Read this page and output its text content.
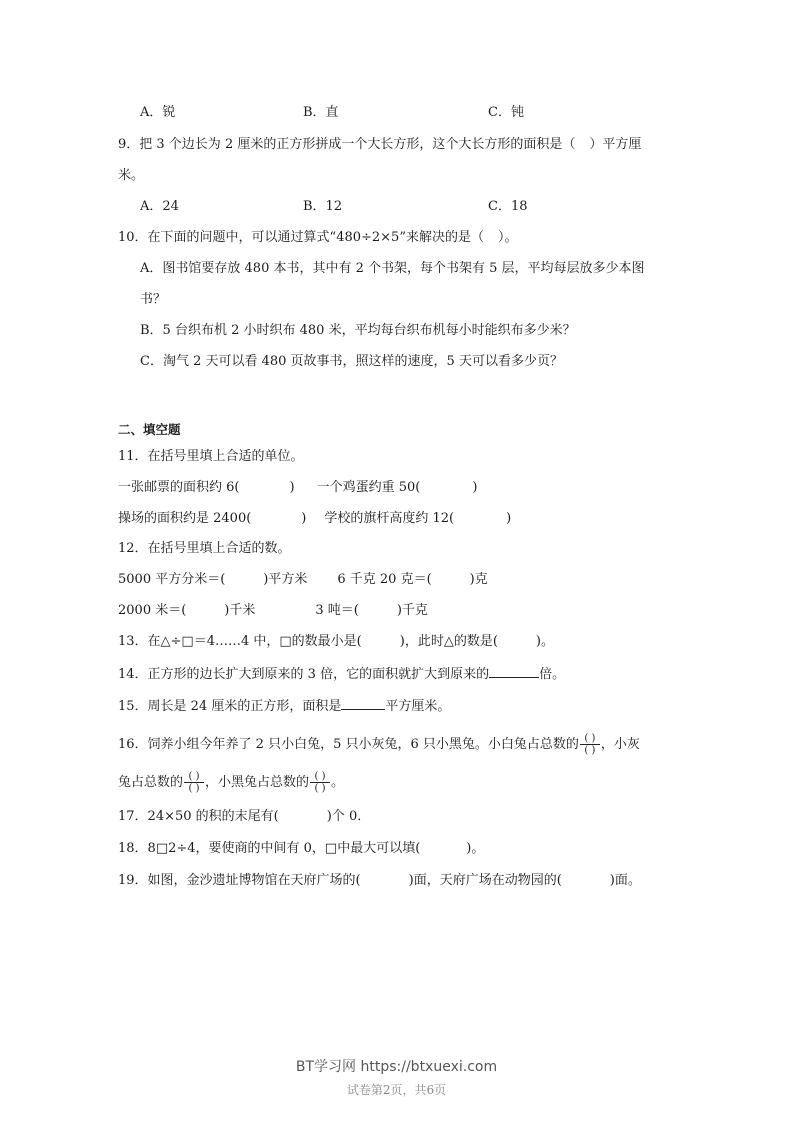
A．锐	B．直	C．钝
9．把 3 个边长为 2 厘米的正方形拼成一个大长方形，这个大长方形的面积是（ ）平方厘
米。
A．24	B．12	C．18
10．在下面的问题中，可以通过算式“480÷2×5”来解决的是（ ）。
A．图书馆要存放 480 本书，其中有 2 个书架，每个书架有 5 层，平均每层放多少本图
书？
B．5 台织布机 2 小时织布 480 米，平均每台织布机每小时能织布多少米？
C．淘气 2 天可以看 480 页故事书，照这样的速度，5 天可以看多少页？
二、填空题
11．在括号里填上合适的单位。
一张邮票的面积约 6(	) 一个鸡蛋约重 50(	)
操场的面积约是 2400(	) 学校的旗杆高度约 12(	)
12．在括号里填上合适的数。
5000 平方分米＝(	)平方米 6 千克 20 克＝(	)克
2000 米＝(	)千米	3 吨＝(	)千克
13．在△÷□＝4……4 中，□的数最小是(	)，此时△的数是(	)。
14．正方形的边长扩大到原来的 3 倍，它的面积就扩大到原来的	倍。
15．周长是 24 厘米的正方形，面积是	平方厘米。
16．饲养小组今年养了 2 只小白兔，5 只小灰兔，6 只小黑兔。小白兔占总数的 $\frac{( )}{( )}$ ，小灰
兔占总数的 $\frac{( )}{( )}$ ，小黑兔占总数的 $\frac{( )}{( )}$ 。
17．24×50 的积的末尾有(	)个 0．
18．8□2÷4，要使商的中间有 0，□中最大可以填(	)。
19．如图，金沙遗址博物馆在天府广场的(	)面，天府广场在动物园的(	)面。
BT学习网 https://btxuexi.com
试卷第2页，共6页
